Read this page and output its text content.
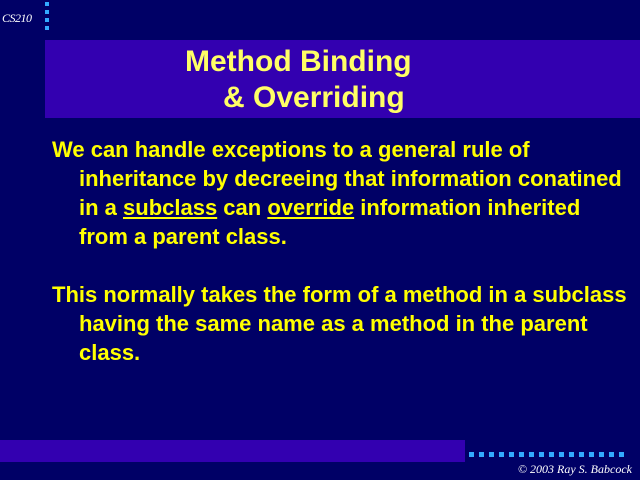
CS210
Method Binding
& Overriding

We can handle exceptions to a general rule of inheritance by decreeing that information conatined in a subclass can override information inherited from a parent class.

This normally takes the form of a method in a subclass having the same name as a method in the parent class.

© 2003 Ray S. Babcock
